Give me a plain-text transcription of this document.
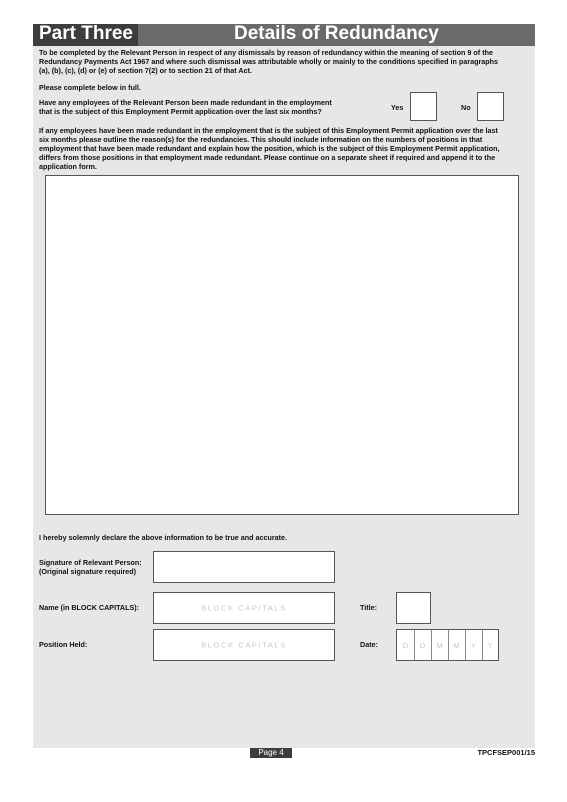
Part Three	Details of Redundancy
To be completed by the Relevant Person in respect of any dismissals by reason of redundancy within the meaning of section 9 of the
Redundancy Payments Act 1967 and where such dismissal was attributable wholly or mainly to the conditions specified in paragraphs
(a), (b), (c), (d) or (e) of section 7(2) or to section 21 of that Act.
Please complete below in full.
Have any employees of the Relevant Person been made redundant in the employment
that is the subject of this Employment Permit application over the last six months?	Yes	No
If any employees have been made redundant in the employment that is the subject of this Employment Permit application over the last
six months please outline the reason(s) for the redundancies. This should include information on the numbers of positions in that
employment that have been made redundant and explain how the position, which is the subject of this Employment Permit application,
differs from those positions in that employment made redundant. Please continue on a separate sheet if required and append it to the
application form.
I hereby solemnly declare the above information to be true and accurate.
Signature of Relevant Person:
(Original signature required)
Name (in BLOCK CAPITALS):	BLOCK CAPITALS	Title:
Position Held:	BLOCK CAPITALS	Date:	D	D	M	M	Y	Y
Page 4	TPCFSEP001/15
